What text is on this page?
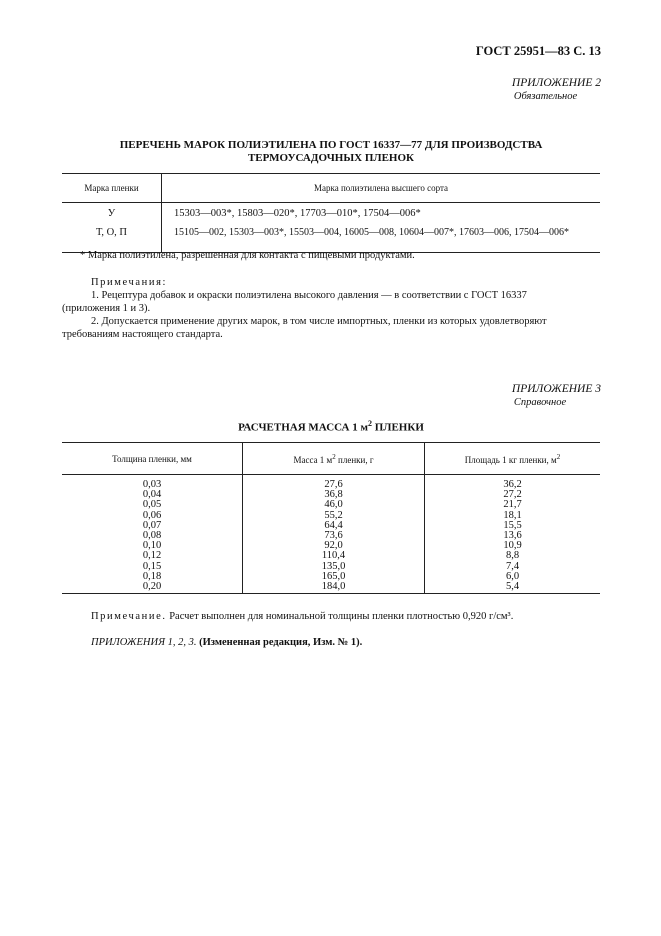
ГОСТ 25951—83 С. 13
ПРИЛОЖЕНИЕ 2
Обязательное
ПЕРЕЧЕНЬ МАРОК ПОЛИЭТИЛЕНА ПО ГОСТ 16337—77 ДЛЯ ПРОИЗВОДСТВА
ТЕРМОУСАДОЧНЫХ ПЛЕНОК
Марка пленки	Марка полиэтилена высшего сорта
У	15303—003*, 15803—020*, 17703—010*, 17504—006*
Т, О, П	15105—002, 15303—003*, 15503—004, 16005—008, 10604—007*, 17603—006, 17504—006*
* Марка полиэтилена, разрешенная для контакта с пищевыми продуктами.
Примечания:
1. Рецептура добавок и окраски полиэтилена высокого давления — в соответствии с ГОСТ 16337
(приложения 1 и 3).
2. Допускается применение других марок, в том числе импортных, пленки из которых удовлетворяют
требованиям настоящего стандарта.
ПРИЛОЖЕНИЕ 3
Справочное
РАСЧЕТНАЯ МАССА 1 $м^2$ ПЛЕНКИ
Толщина пленки, мм	Масса 1 $м^2$ пленки, г	Площадь 1 кг пленки, $м^2$
0,03	27,6	36,2
0,04	36,8	27,2
0,05	46,0	21,7
0,06	55,2	18,1
0,07	64,4	15,5
0,08	73,6	13,6
0,10	92,0	10,9
0,12	110,4	8,8
0,15	135,0	7,4
0,18	165,0	6,0
0,20	184,0	5,4
Примечание. Расчет выполнен для номинальной толщины пленки плотностью 0,920 г/см³.
ПРИЛОЖЕНИЯ 1, 2, 3. (Измененная редакция, Изм. № 1).
